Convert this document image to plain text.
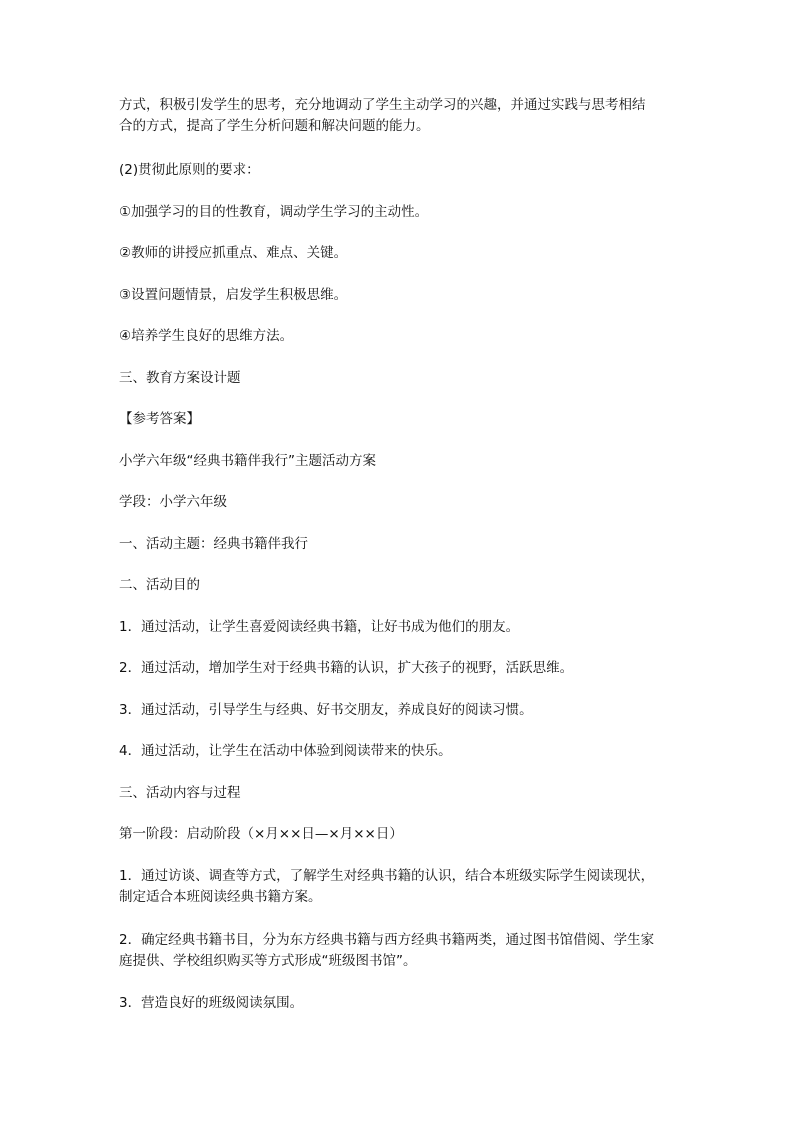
方式，积极引发学生的思考，充分地调动了学生主动学习的兴趣，并通过实践与思考相结
合的方式，提高了学生分析问题和解决问题的能力。
(2)贯彻此原则的要求：
①加强学习的目的性教育，调动学生学习的主动性。
②教师的讲授应抓重点、难点、关键。
③设置问题情景，启发学生积极思维。
④培养学生良好的思维方法。
三、教育方案设计题
【参考答案】
小学六年级“经典书籍伴我行”主题活动方案
学段：小学六年级
一、活动主题：经典书籍伴我行
二、活动目的
1．通过活动，让学生喜爱阅读经典书籍，让好书成为他们的朋友。
2．通过活动，增加学生对于经典书籍的认识，扩大孩子的视野，活跃思维。
3．通过活动，引导学生与经典、好书交朋友，养成良好的阅读习惯。
4．通过活动，让学生在活动中体验到阅读带来的快乐。
三、活动内容与过程
第一阶段：启动阶段（×月××日—×月××日）
1．通过访谈、调查等方式，了解学生对经典书籍的认识，结合本班级实际学生阅读现状，
制定适合本班阅读经典书籍方案。
2．确定经典书籍书目，分为东方经典书籍与西方经典书籍两类，通过图书馆借阅、学生家
庭提供、学校组织购买等方式形成“班级图书馆”。
3．营造良好的班级阅读氛围。
